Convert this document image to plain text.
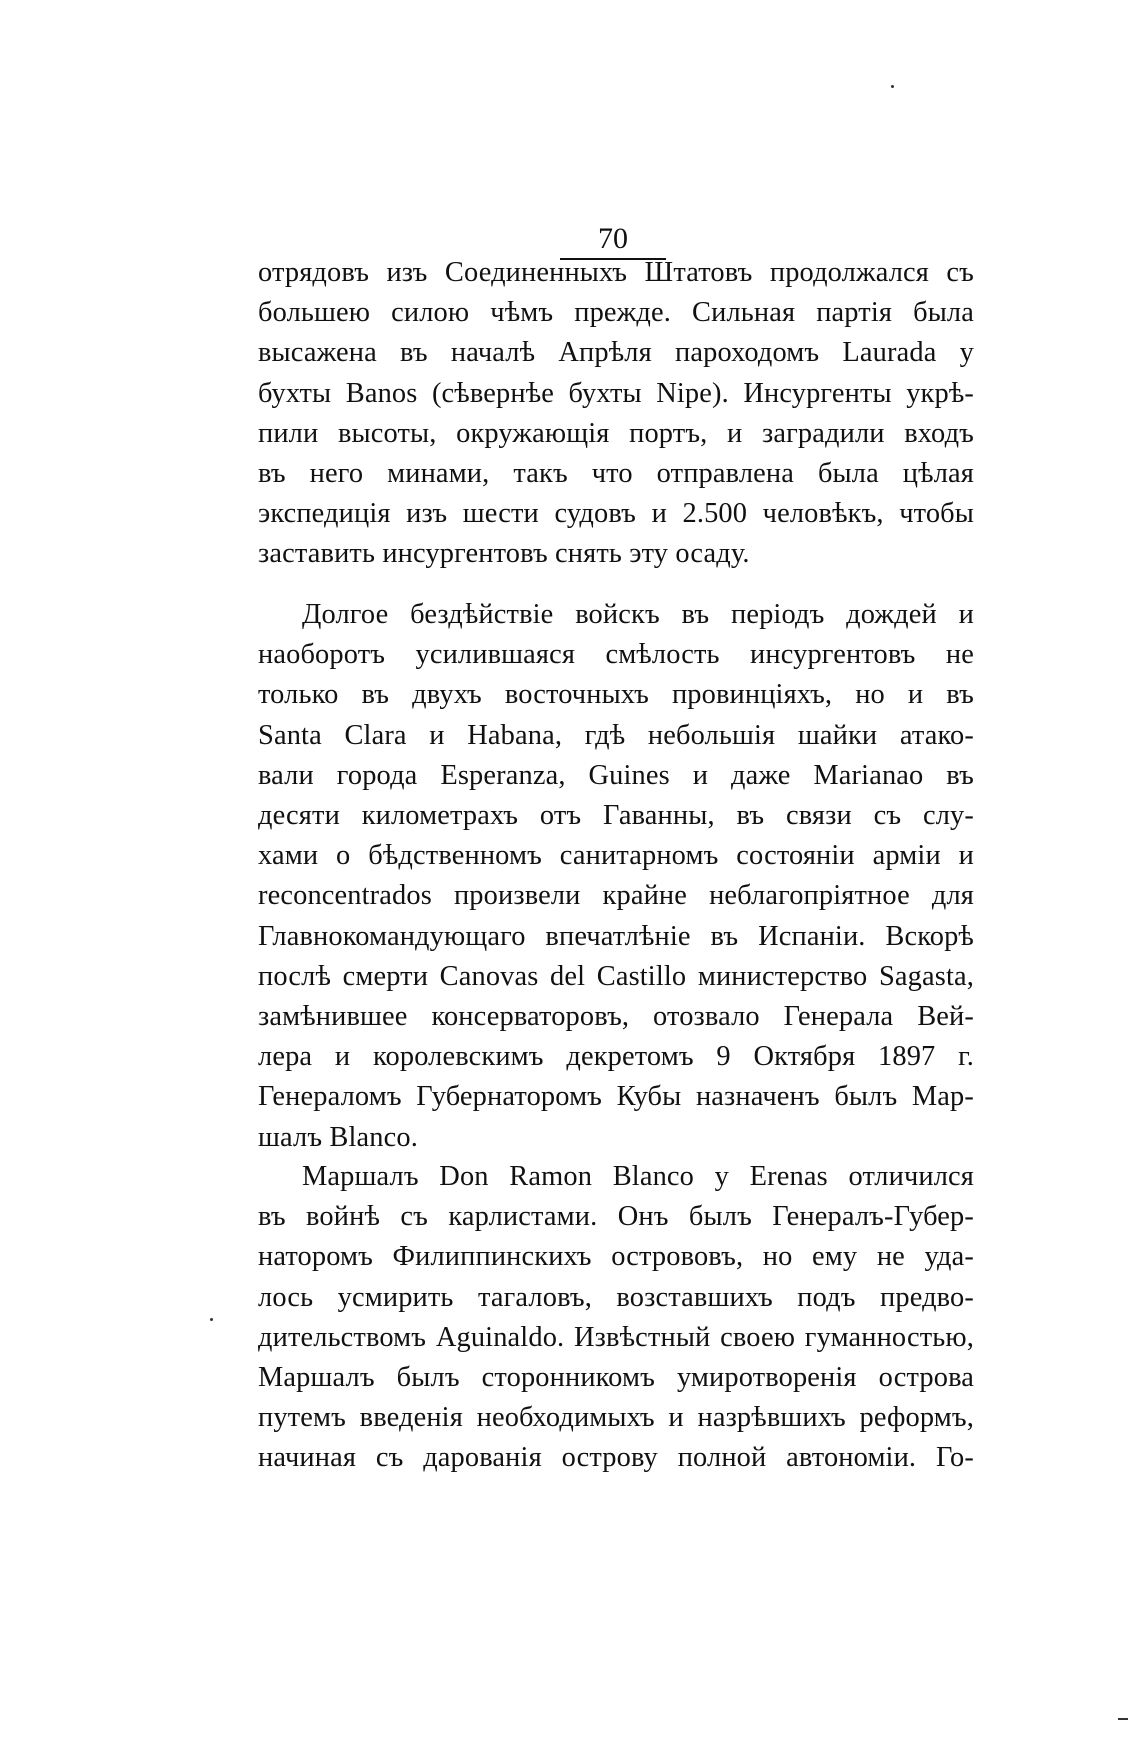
70
отрядовъ изъ Соединенныхъ Штатовъ продолжался съ
большею силою чѣмъ прежде. Сильная партія была
высажена въ началѣ Апрѣля пароходомъ Laurada у
бухты Banos (сѣвернѣе бухты Nipe). Инсургенты укрѣ-
пили высоты, окружающія портъ, и заградили входъ
въ него минами, такъ что отправлена была цѣлая
экспедиція изъ шести судовъ и 2.500 человѣкъ, чтобы
заставить инсургентовъ снять эту осаду.
Долгое бездѣйствіе войскъ въ періодъ дождей и
наоборотъ усилившаяся смѣлость инсургентовъ не
только въ двухъ восточныхъ провинціяхъ, но и въ
Santa Clara и Habana, гдѣ небольшія шайки атако-
вали города Esperanza, Guines и даже Marianao въ
десяти километрахъ отъ Гаванны, въ связи съ слу-
хами о бѣдственномъ санитарномъ состояніи арміи и
reconcentrados произвели крайне неблагопріятное для
Главнокомандующаго впечатлѣніе въ Испаніи. Вскорѣ
послѣ смерти Canovas del Castillo министерство Sagasta,
замѣнившее консерваторовъ, отозвало Генерала Вей-
лера и королевскимъ декретомъ 9 Октября 1897 г.
Генераломъ Губернаторомъ Кубы назначенъ былъ Мар-
шалъ Blanco.
Маршалъ Don Ramon Blanco y Erenas отличился
въ войнѣ съ карлистами. Онъ былъ Генералъ-Губер-
наторомъ Филиппинскихъ острововъ, но ему не уда-
лось усмирить тагаловъ, возставшихъ подъ предво-
дительствомъ Aguinaldo. Извѣстный своею гуманностью,
Маршалъ былъ сторонникомъ умиротворенія острова
путемъ введенія необходимыхъ и назрѣвшихъ реформъ,
начиная съ дарованія острову полной автономіи. Го-
